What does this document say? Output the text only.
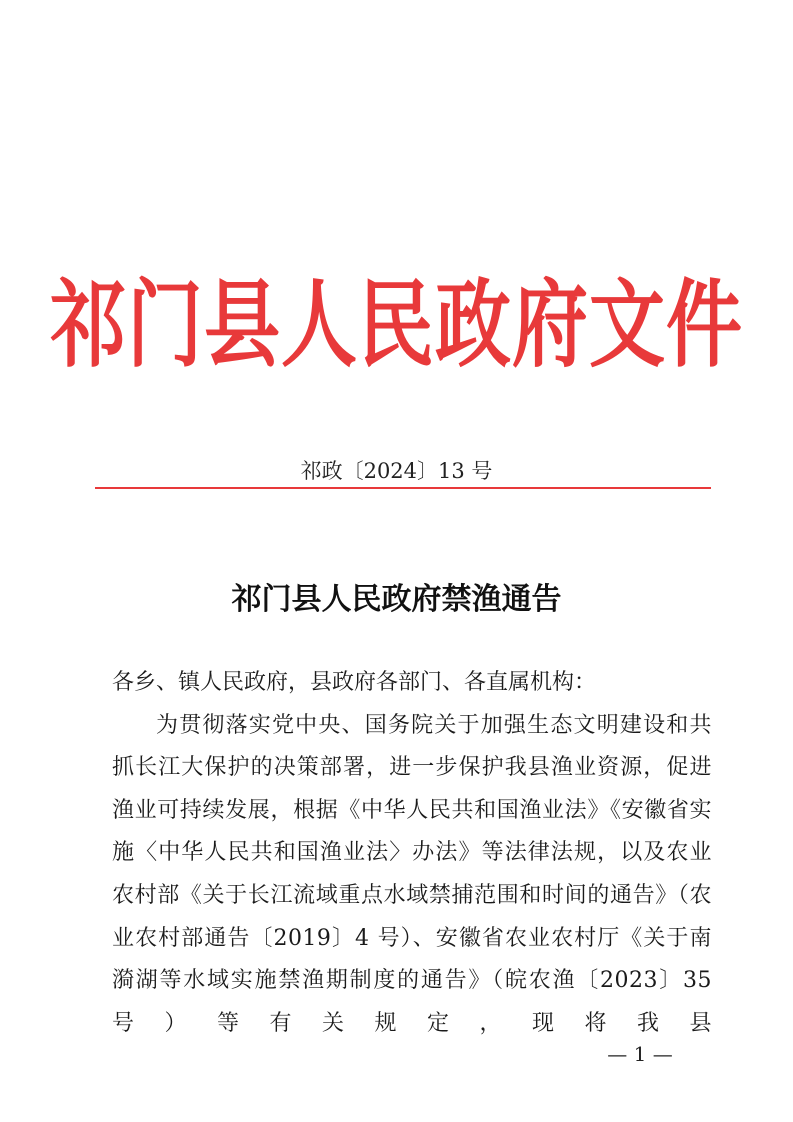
祁门县人民政府文件
祁政〔2024〕13 号
祁门县人民政府禁渔通告

各乡、镇人民政府，县政府各部门、各直属机构：

为贯彻落实党中央、国务院关于加强生态文明建设和共抓长江大保护的决策部署，进一步保护我县渔业资源，促进渔业可持续发展，根据《中华人民共和国渔业法》《安徽省实施〈中华人民共和国渔业法〉办法》等法律法规，以及农业农村部《关于长江流域重点水域禁捕范围和时间的通告》（农业农村部通告〔2019〕4 号）、安徽省农业农村厅《关于南漪湖等水域实施禁渔期制度的通告》（皖农渔〔2023〕35 号）等有关规定，现将我县

— 1 —
